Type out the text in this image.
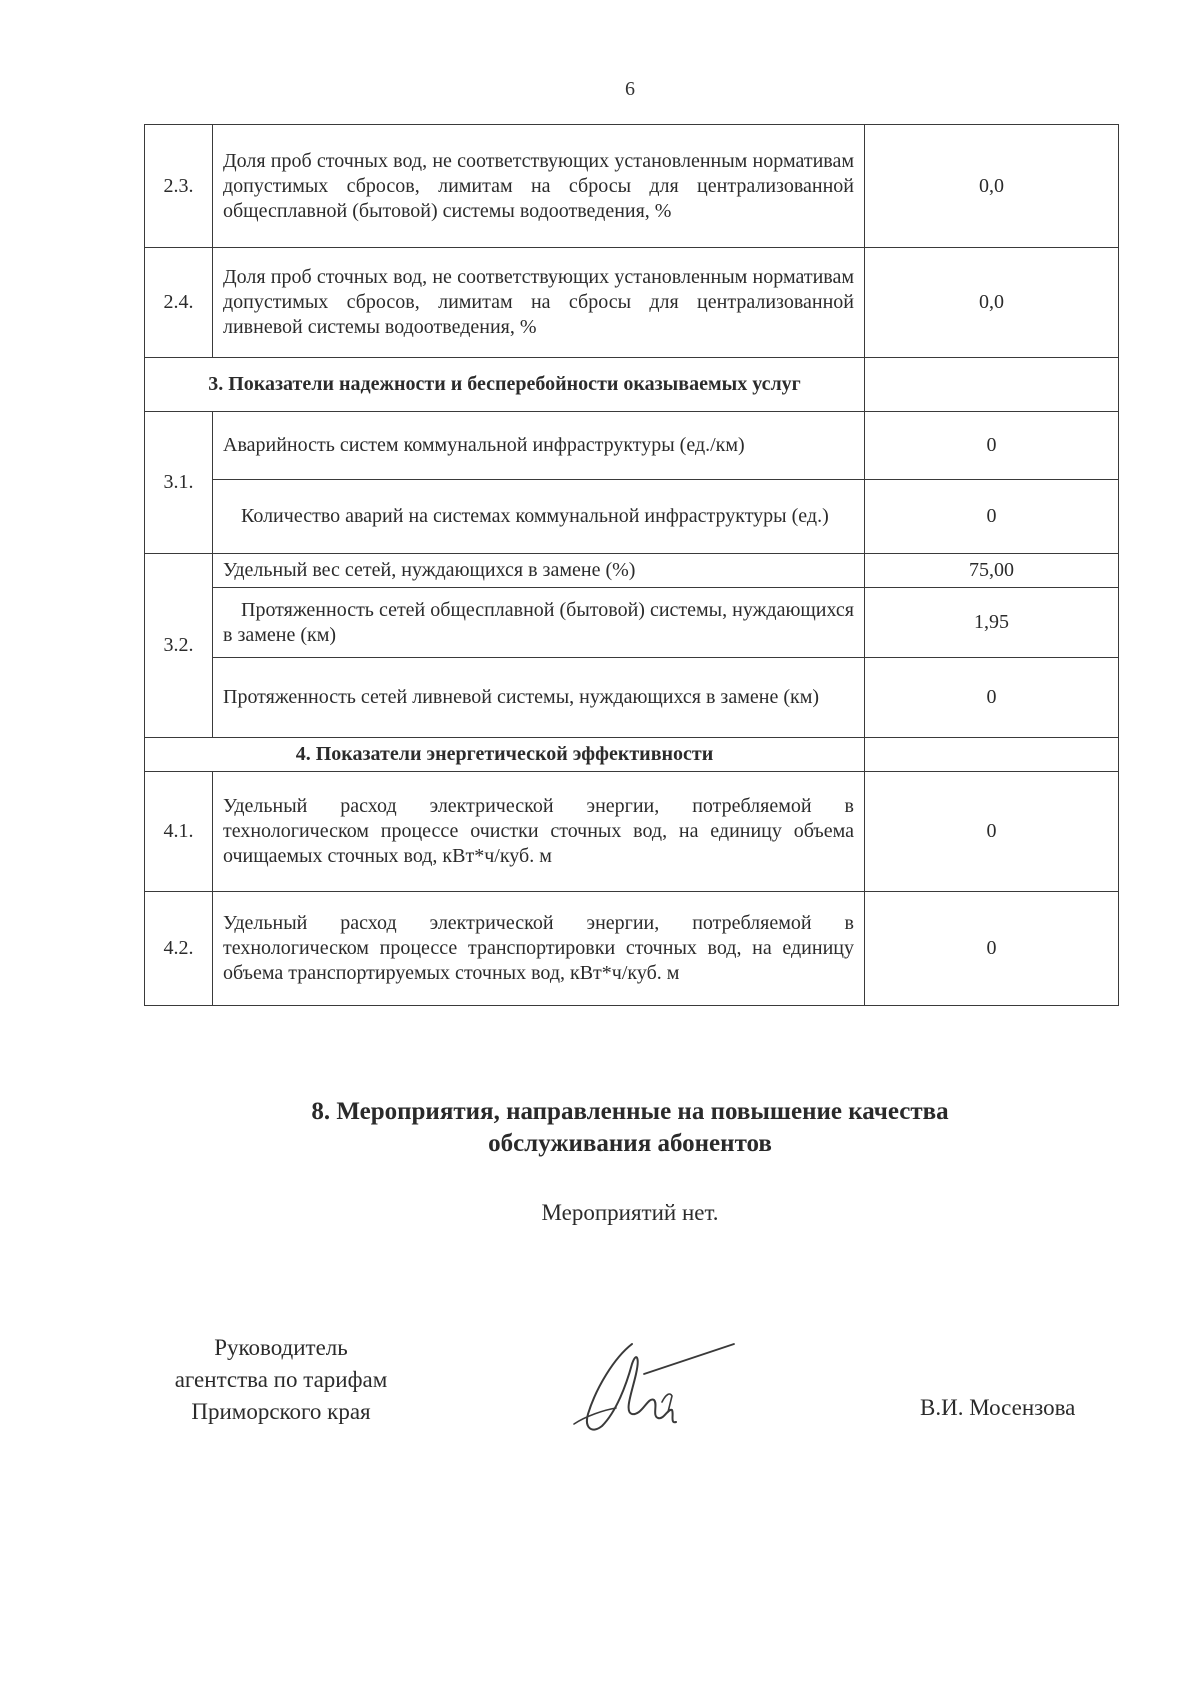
6
2.3.	Доля проб сточных вод, не соответствующих установленным нормативам допустимых сбросов, лимитам на сбросы для централизованной общесплавной (бытовой) системы водоотведения, %	0,0
2.4.	Доля проб сточных вод, не соответствующих установленным нормативам допустимых сбросов, лимитам на сбросы для централизованной ливневой системы водоотведения, %	0,0
3. Показатели надежности и бесперебойности оказываемых услуг		
3.1.	Аварийность систем коммунальной инфраструктуры (ед./км)	0
	Количество аварий на системах коммунальной инфраструктуры (ед.)	0
3.2.	Удельный вес сетей, нуждающихся в замене (%)	75,00
	Протяженность сетей общесплавной (бытовой) системы, нуждающихся в замене (км)	1,95
	Протяженность сетей ливневой системы, нуждающихся в замене (км)	0
4. Показатели энергетической эффективности		
4.1.	Удельный расход электрической энергии, потребляемой в технологическом процессе очистки сточных вод, на единицу объема очищаемых сточных вод, кВт*ч/куб. м	0
4.2.	Удельный расход электрической энергии, потребляемой в технологическом процессе транспортировки сточных вод, на единицу объема транспортируемых сточных вод, кВт*ч/куб. м	0
8. Мероприятия, направленные на повышение качества
обслуживания абонентов
Мероприятий нет.
Руководитель
агентства по тарифам
Приморского края	В.И. Мосензова
